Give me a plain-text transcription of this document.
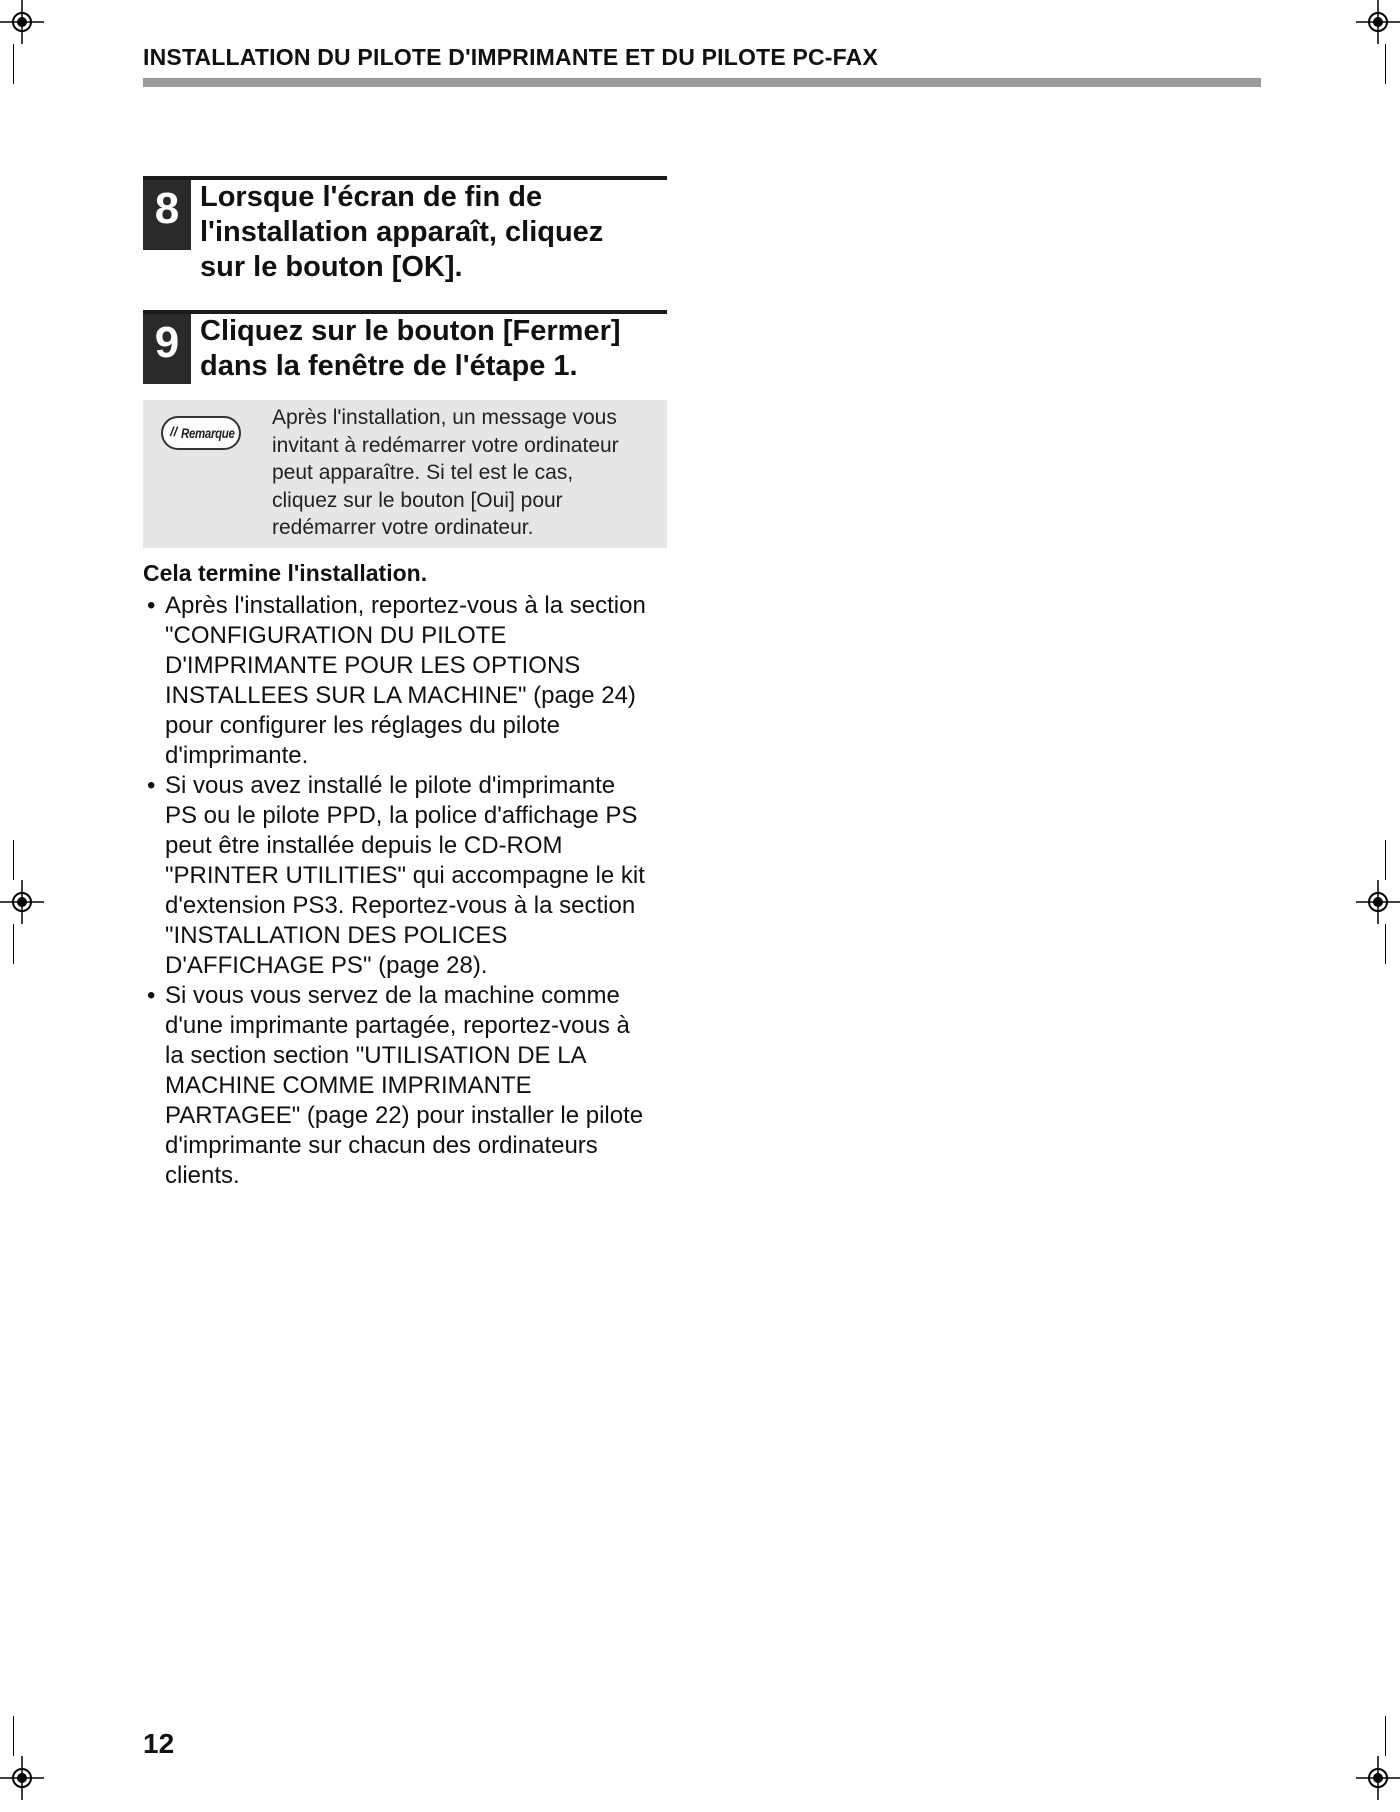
INSTALLATION DU PILOTE D'IMPRIMANTE ET DU PILOTE PC-FAX
8 Lorsque l'écran de fin de
l'installation apparaît, cliquez
sur le bouton [OK].
9 Cliquez sur le bouton [Fermer]
dans la fenêtre de l'étape 1.
// Remarque
Après l'installation, un message vous
invitant à redémarrer votre ordinateur
peut apparaître. Si tel est le cas,
cliquez sur le bouton [Oui] pour
redémarrer votre ordinateur.
Cela termine l'installation.
• Après l'installation, reportez-vous à la section
"CONFIGURATION DU PILOTE
D'IMPRIMANTE POUR LES OPTIONS
INSTALLEES SUR LA MACHINE" (page 24)
pour configurer les réglages du pilote
d'imprimante.
• Si vous avez installé le pilote d'imprimante
PS ou le pilote PPD, la police d'affichage PS
peut être installée depuis le CD-ROM
"PRINTER UTILITIES" qui accompagne le kit
d'extension PS3. Reportez-vous à la section
"INSTALLATION DES POLICES
D'AFFICHAGE PS" (page 28).
• Si vous vous servez de la machine comme
d'une imprimante partagée, reportez-vous à
la section section "UTILISATION DE LA
MACHINE COMME IMPRIMANTE
PARTAGEE" (page 22) pour installer le pilote
d'imprimante sur chacun des ordinateurs
clients.
12
